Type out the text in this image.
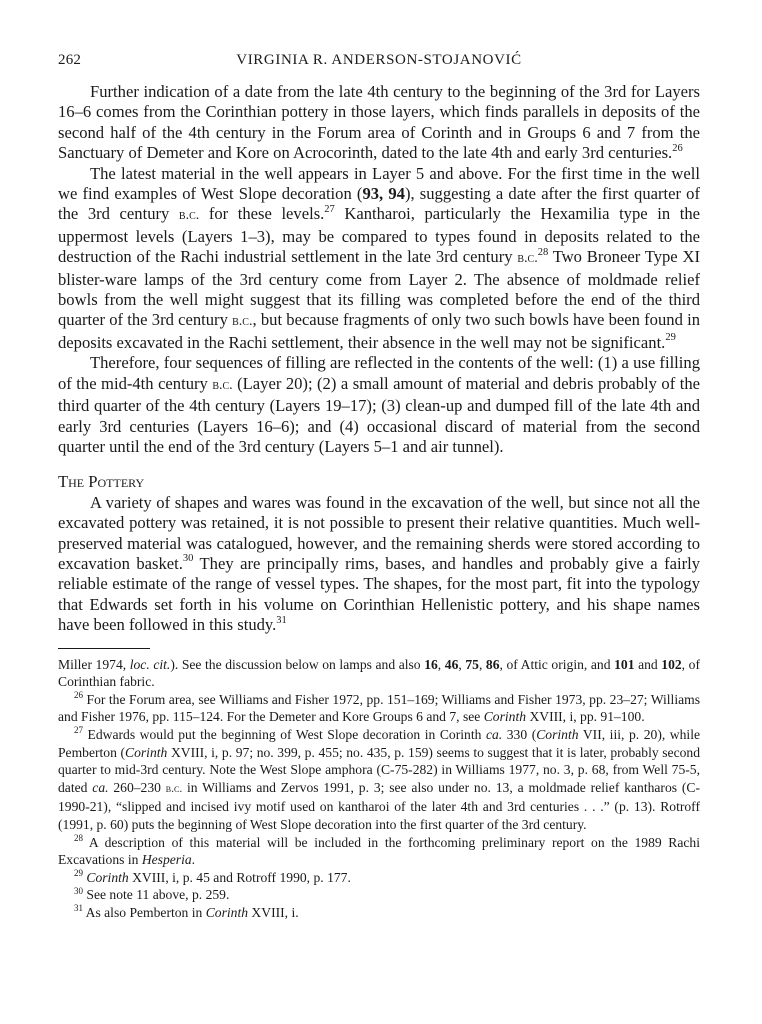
262	VIRGINIA R. ANDERSON-STOJANOVIĆ

Further indication of a date from the late 4th century to the beginning of the 3rd for Layers 16–6 comes from the Corinthian pottery in those layers, which finds parallels in deposits of the second half of the 4th century in the Forum area of Corinth and in Groups 6 and 7 from the Sanctuary of Demeter and Kore on Acrocorinth, dated to the late 4th and early 3rd centuries.$^{26}$

The latest material in the well appears in Layer 5 and above. For the first time in the well we find examples of West Slope decoration (93, 94), suggesting a date after the first quarter of the 3rd century b.c. for these levels.$^{27}$ Kantharoi, particularly the Hexamilia type in the uppermost levels (Layers 1–3), may be compared to types found in deposits related to the destruction of the Rachi industrial settlement in the late 3rd century b.c.$^{28}$ Two Broneer Type XI blister-ware lamps of the 3rd century come from Layer 2. The absence of moldmade relief bowls from the well might suggest that its filling was completed before the end of the third quarter of the 3rd century b.c., but because fragments of only two such bowls have been found in deposits excavated in the Rachi settlement, their absence in the well may not be significant.$^{29}$

Therefore, four sequences of filling are reflected in the contents of the well: (1) a use filling of the mid-4th century b.c. (Layer 20); (2) a small amount of material and debris probably of the third quarter of the 4th century (Layers 19–17); (3) clean-up and dumped fill of the late 4th and early 3rd centuries (Layers 16–6); and (4) occasional discard of material from the second quarter until the end of the 3rd century (Layers 5–1 and air tunnel).

The Pottery

A variety of shapes and wares was found in the excavation of the well, but since not all the excavated pottery was retained, it is not possible to present their relative quantities. Much well-preserved material was catalogued, however, and the remaining sherds were stored according to excavation basket.$^{30}$ They are principally rims, bases, and handles and probably give a fairly reliable estimate of the range of vessel types. The shapes, for the most part, fit into the typology that Edwards set forth in his volume on Corinthian Hellenistic pottery, and his shape names have been followed in this study.$^{31}$

Miller 1974, loc. cit.). See the discussion below on lamps and also 16, 46, 75, 86, of Attic origin, and 101 and 102, of Corinthian fabric.

$^{26}$ For the Forum area, see Williams and Fisher 1972, pp. 151–169; Williams and Fisher 1973, pp. 23–27; Williams and Fisher 1976, pp. 115–124. For the Demeter and Kore Groups 6 and 7, see Corinth XVIII, i, pp. 91–100.

$^{27}$ Edwards would put the beginning of West Slope decoration in Corinth ca. 330 (Corinth VII, iii, p. 20), while Pemberton (Corinth XVIII, i, p. 97; no. 399, p. 455; no. 435, p. 159) seems to suggest that it is later, probably second quarter to mid-3rd century. Note the West Slope amphora (C-75-282) in Williams 1977, no. 3, p. 68, from Well 75-5, dated ca. 260–230 b.c. in Williams and Zervos 1991, p. 3; see also under no. 13, a moldmade relief kantharos (C-1990-21), “slipped and incised ivy motif used on kantharoi of the later 4th and 3rd centuries . . .” (p. 13). Rotroff (1991, p. 60) puts the beginning of West Slope decoration into the first quarter of the 3rd century.

$^{28}$ A description of this material will be included in the forthcoming preliminary report on the 1989 Rachi Excavations in Hesperia.

$^{29}$ Corinth XVIII, i, p. 45 and Rotroff 1990, p. 177.

$^{30}$ See note 11 above, p. 259.

$^{31}$ As also Pemberton in Corinth XVIII, i.
